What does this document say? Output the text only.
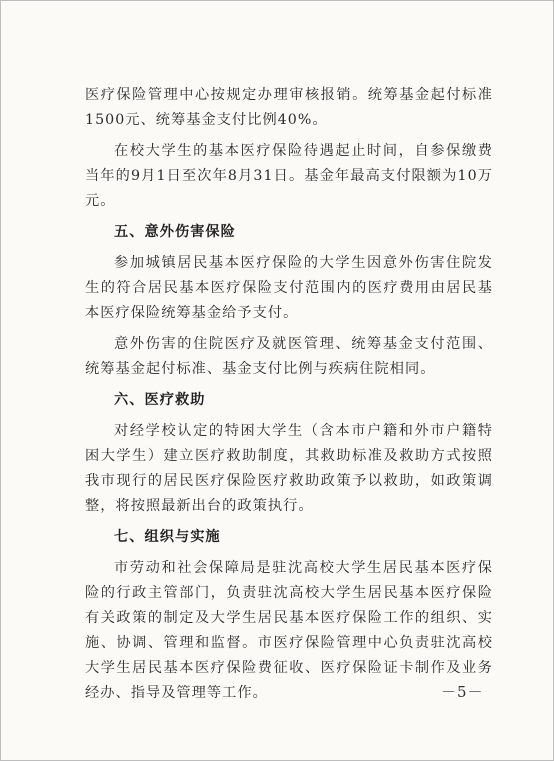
医疗保险管理中心按规定办理审核报销。统筹基金起付标准1500元、统筹基金支付比例40%。

在校大学生的基本医疗保险待遇起止时间，自参保缴费当年的9月1日至次年8月31日。基金年最高支付限额为10万元。

五、意外伤害保险

参加城镇居民基本医疗保险的大学生因意外伤害住院发生的符合居民基本医疗保险支付范围内的医疗费用由居民基本医疗保险统筹基金给予支付。

意外伤害的住院医疗及就医管理、统筹基金支付范围、统筹基金起付标准、基金支付比例与疾病住院相同。

六、医疗救助

对经学校认定的特困大学生（含本市户籍和外市户籍特困大学生）建立医疗救助制度，其救助标准及救助方式按照我市现行的居民医疗保险医疗救助政策予以救助，如政策调整，将按照最新出台的政策执行。

七、组织与实施

市劳动和社会保障局是驻沈高校大学生居民基本医疗保险的行政主管部门，负责驻沈高校大学生居民基本医疗保险有关政策的制定及大学生居民基本医疗保险工作的组织、实施、协调、管理和监督。市医疗保险管理中心负责驻沈高校大学生居民基本医疗保险费征收、医疗保险证卡制作及业务经办、指导及管理等工作。	－5－
